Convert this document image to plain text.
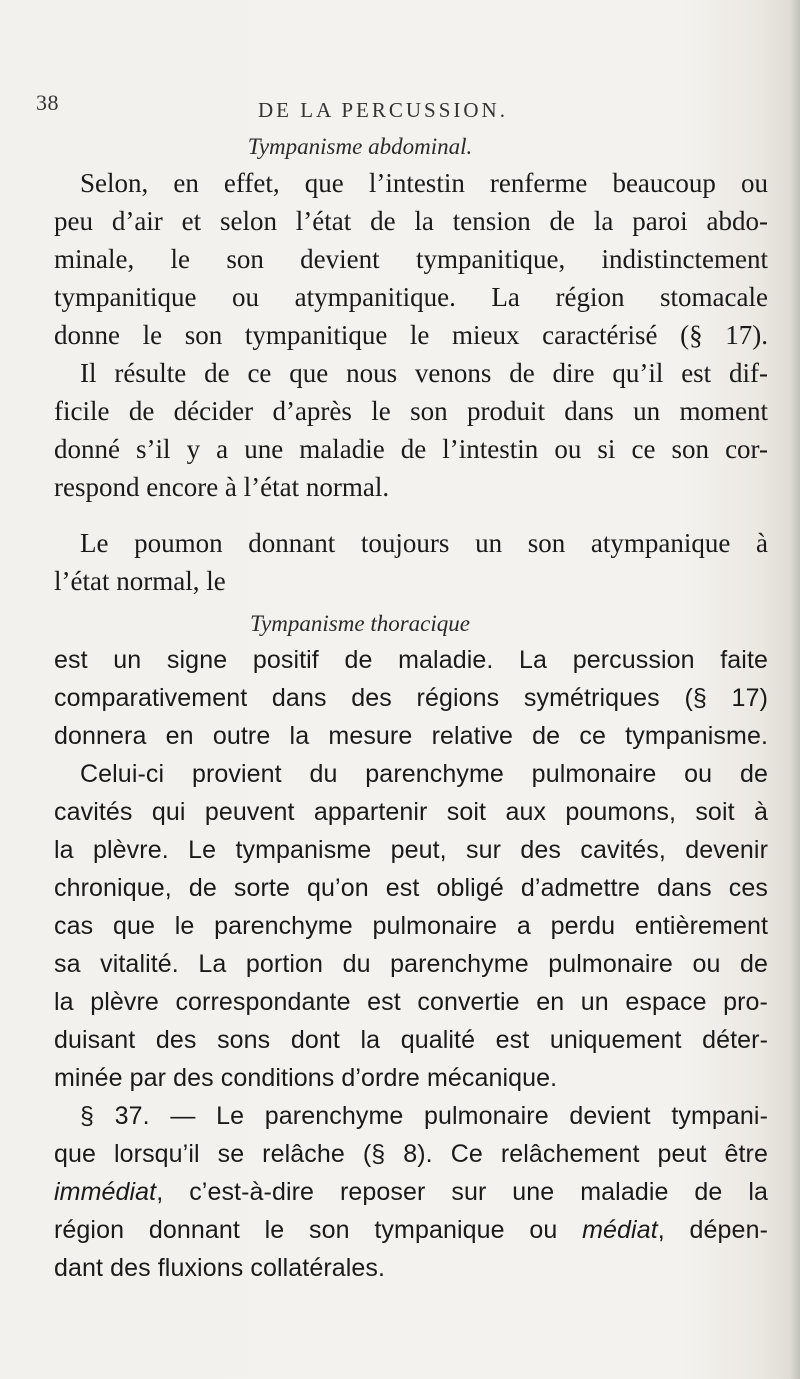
38	DE LA PERCUSSION.
Tympanisme abdominal.
Selon, en effet, que l’intestin renferme beaucoup ou
peu d’air et selon l’état de la tension de la paroi abdo-
minale, le son devient tympanitique, indistinctement
tympanitique ou atympanitique. La région stomacale
donne le son tympanitique le mieux caractérisé (§ 17).
Il résulte de ce que nous venons de dire qu’il est dif-
ficile de décider d’après le son produit dans un moment
donné s’il y a une maladie de l’intestin ou si ce son cor-
respond encore à l’état normal.
Le poumon donnant toujours un son atympanique à
l’état normal, le
Tympanisme thoracique
est un signe positif de maladie. La percussion faite
comparativement dans des régions symétriques (§ 17)
donnera en outre la mesure relative de ce tympanisme.
Celui-ci provient du parenchyme pulmonaire ou de
cavités qui peuvent appartenir soit aux poumons, soit à
la plèvre. Le tympanisme peut, sur des cavités, devenir
chronique, de sorte qu’on est obligé d’admettre dans ces
cas que le parenchyme pulmonaire a perdu entièrement
sa vitalité. La portion du parenchyme pulmonaire ou de
la plèvre correspondante est convertie en un espace pro-
duisant des sons dont la qualité est uniquement déter-
minée par des conditions d’ordre mécanique.
§ 37. — Le parenchyme pulmonaire devient tympani-
que lorsqu’il se relâche (§ 8). Ce relâchement peut être
immédiat, c’est-à-dire reposer sur une maladie de la
région donnant le son tympanique ou médiat, dépen-
dant des fluxions collatérales.
